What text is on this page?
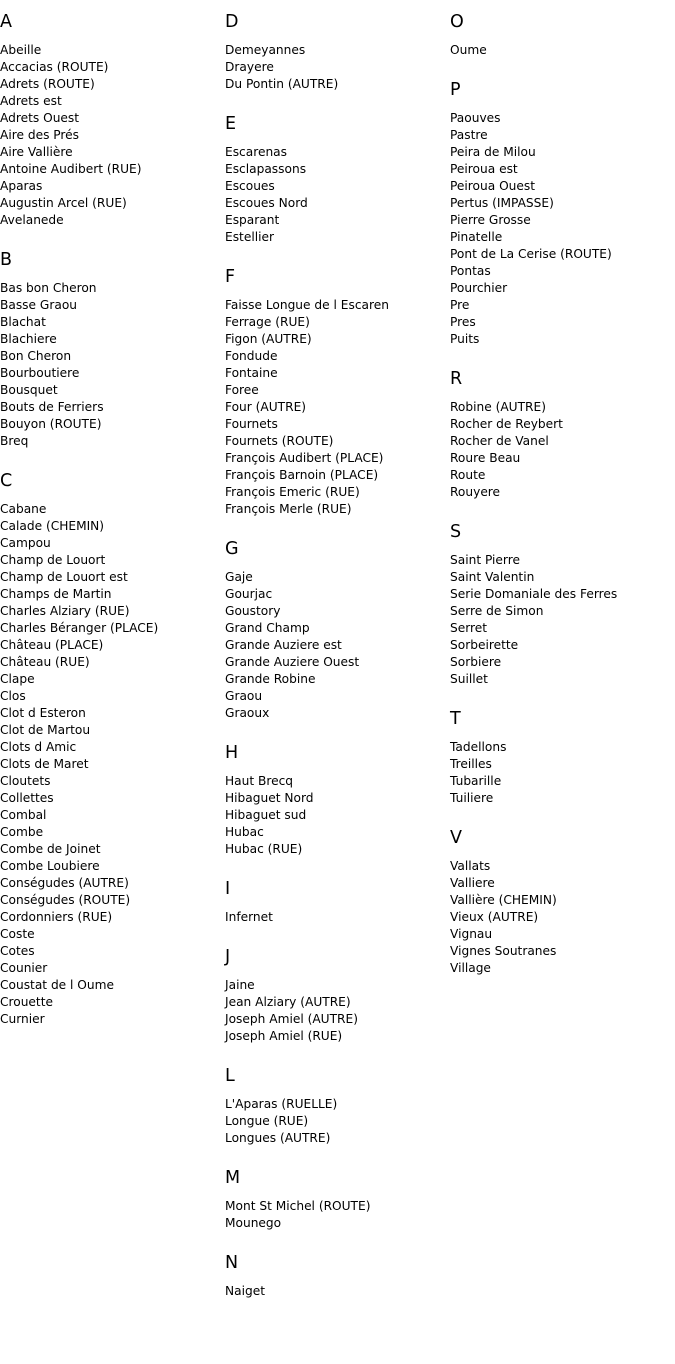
A
Abeille
Accacias (ROUTE)
Adrets (ROUTE)
Adrets est
Adrets Ouest
Aire des Prés
Aire Vallière
Antoine Audibert (RUE)
Aparas
Augustin Arcel (RUE)
Avelanede
B
Bas bon Cheron
Basse Graou
Blachat
Blachiere
Bon Cheron
Bourboutiere
Bousquet
Bouts de Ferriers
Bouyon (ROUTE)
Breq
C
Cabane
Calade (CHEMIN)
Campou
Champ de Louort
Champ de Louort est
Champs de Martin
Charles Alziary (RUE)
Charles Béranger (PLACE)
Château (PLACE)
Château (RUE)
Clape
Clos
Clot d Esteron
Clot de Martou
Clots d Amic
Clots de Maret
Cloutets
Collettes
Combal
Combe
Combe de Joinet
Combe Loubiere
Conségudes (AUTRE)
Conségudes (ROUTE)
Cordonniers (RUE)
Coste
Cotes
Counier
Coustat de l Oume
Crouette
Curnier
D
Demeyannes
Drayere
Du Pontin (AUTRE)
E
Escarenas
Esclapassons
Escoues
Escoues Nord
Esparant
Estellier
F
Faisse Longue de l Escaren
Ferrage (RUE)
Figon (AUTRE)
Fondude
Fontaine
Foree
Four (AUTRE)
Fournets
Fournets (ROUTE)
François Audibert (PLACE)
François Barnoin (PLACE)
François Emeric (RUE)
François Merle (RUE)
G
Gaje
Gourjac
Goustory
Grand Champ
Grande Auziere est
Grande Auziere Ouest
Grande Robine
Graou
Graoux
H
Haut Brecq
Hibaguet Nord
Hibaguet sud
Hubac
Hubac (RUE)
I
Infernet
J
Jaine
Jean Alziary (AUTRE)
Joseph Amiel (AUTRE)
Joseph Amiel (RUE)
L
L'Aparas (RUELLE)
Longue (RUE)
Longues (AUTRE)
M
Mont St Michel (ROUTE)
Mounego
N
Naiget
O
Oume
P
Paouves
Pastre
Peira de Milou
Peiroua est
Peiroua Ouest
Pertus (IMPASSE)
Pierre Grosse
Pinatelle
Pont de La Cerise (ROUTE)
Pontas
Pourchier
Pre
Pres
Puits
R
Robine (AUTRE)
Rocher de Reybert
Rocher de Vanel
Roure Beau
Route
Rouyere
S
Saint Pierre
Saint Valentin
Serie Domaniale des Ferres
Serre de Simon
Serret
Sorbeirette
Sorbiere
Suillet
T
Tadellons
Treilles
Tubarille
Tuiliere
V
Vallats
Valliere
Vallière (CHEMIN)
Vieux (AUTRE)
Vignau
Vignes Soutranes
Village
